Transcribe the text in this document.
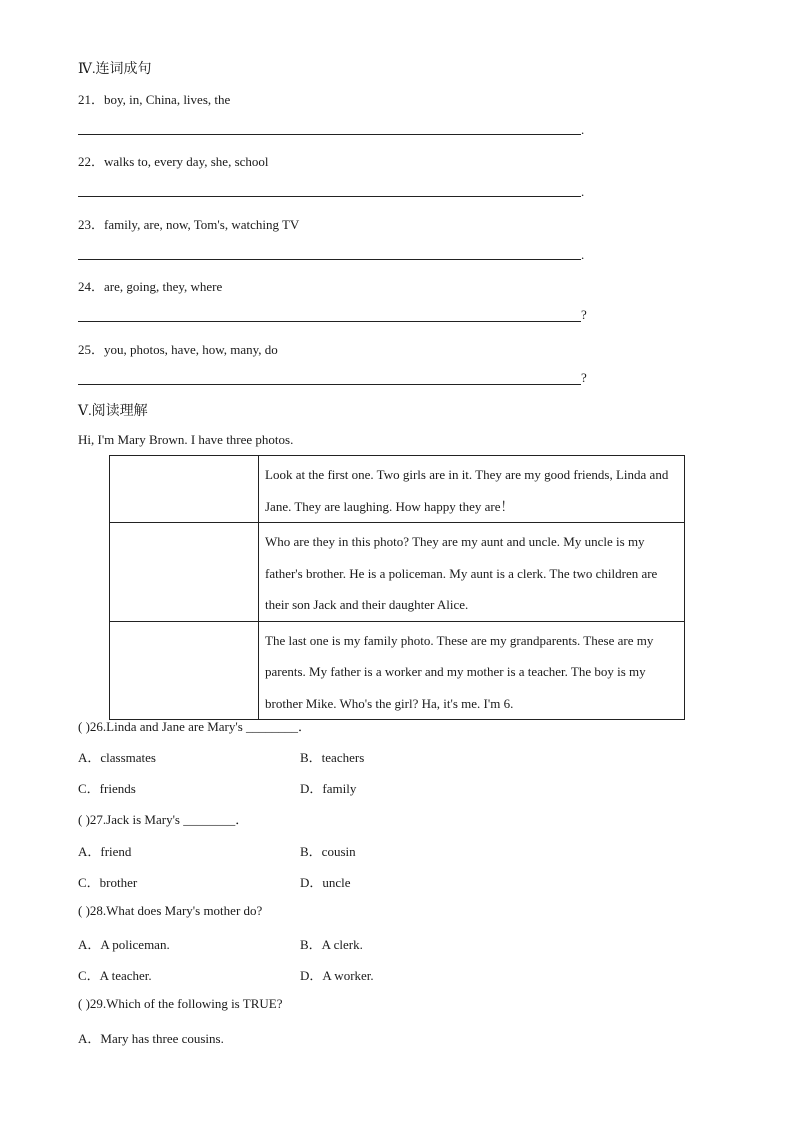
Ⅳ.连词成句
21．boy, in, China, lives, the
.
22．walks to, every day, she, school
.
23．family, are, now, Tom's, watching TV
.
24．are, going, they, where
?
25．you, photos, have, how, many, do
?
Ⅴ.阅读理解
Hi, I'm Mary Brown. I have three photos.
	Look at the first one. Two girls are in it. They are my good friends, Linda and Jane. They are laughing. How happy they are！
	Who are they in this photo? They are my aunt and uncle. My uncle is my father's brother. He is a policeman. My aunt is a clerk. The two children are their son Jack and their daughter Alice.
	The last one is my family photo. These are my grandparents. These are my parents. My father is a worker and my mother is a teacher. The boy is my brother Mike. Who's the girl? Ha, it's me. I'm 6.
( )26.Linda and Jane are Mary's ________．
A．classmates	B．teachers
C．friends	D．family
( )27.Jack is Mary's ________．
A．friend	B．cousin
C．brother	D．uncle
( )28.What does Mary's mother do?
A．A policeman.	B．A clerk.
C．A teacher.	D．A worker.
( )29.Which of the following is TRUE?
A．Mary has three cousins.
